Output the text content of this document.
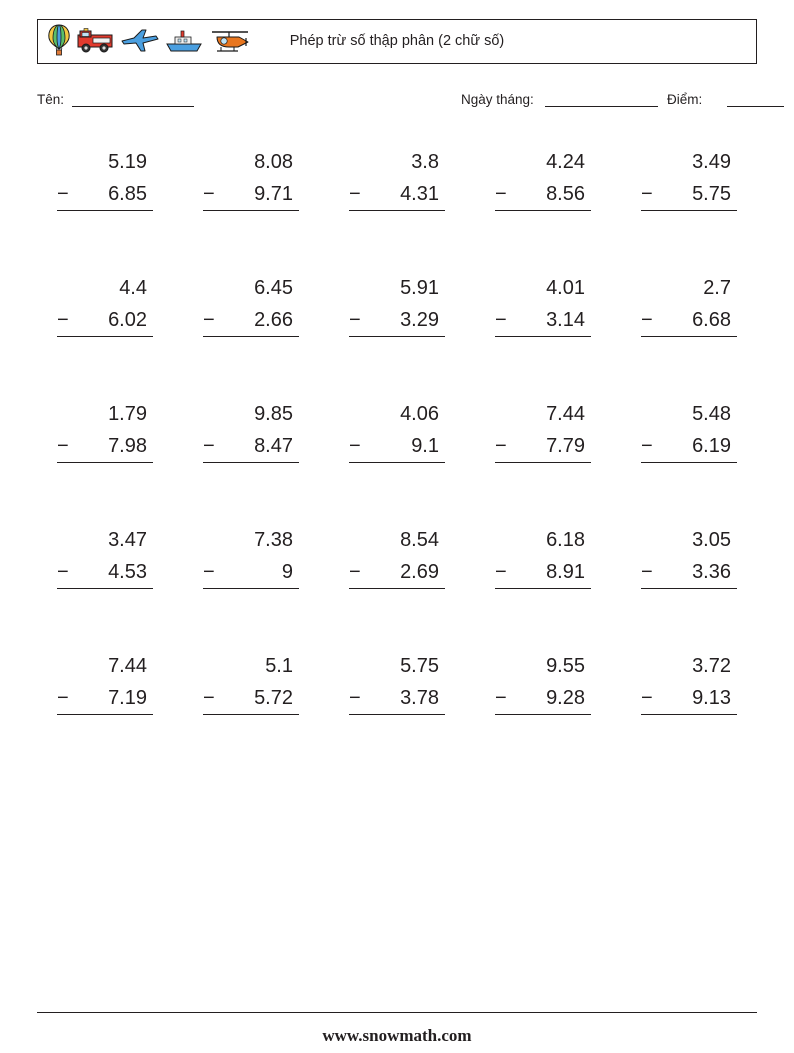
Phép trừ số thập phân (2 chữ số)
Tên:	Ngày tháng:	Điểm:
5.19
− 6.85
8.08
− 9.71
3.8
− 4.31
4.24
− 8.56
3.49
− 5.75
4.4
− 6.02
6.45
− 2.66
5.91
− 3.29
4.01
− 3.14
2.7
− 6.68
1.79
− 7.98
9.85
− 8.47
4.06
−	9.1
7.44
− 7.79
5.48
− 6.19
3.47
− 4.53
7.38
−	9
8.54
− 2.69
6.18
− 8.91
3.05
− 3.36
7.44
− 7.19
5.1
− 5.72
5.75
− 3.78
9.55
− 9.28
3.72
− 9.13
www.snowmath.com
